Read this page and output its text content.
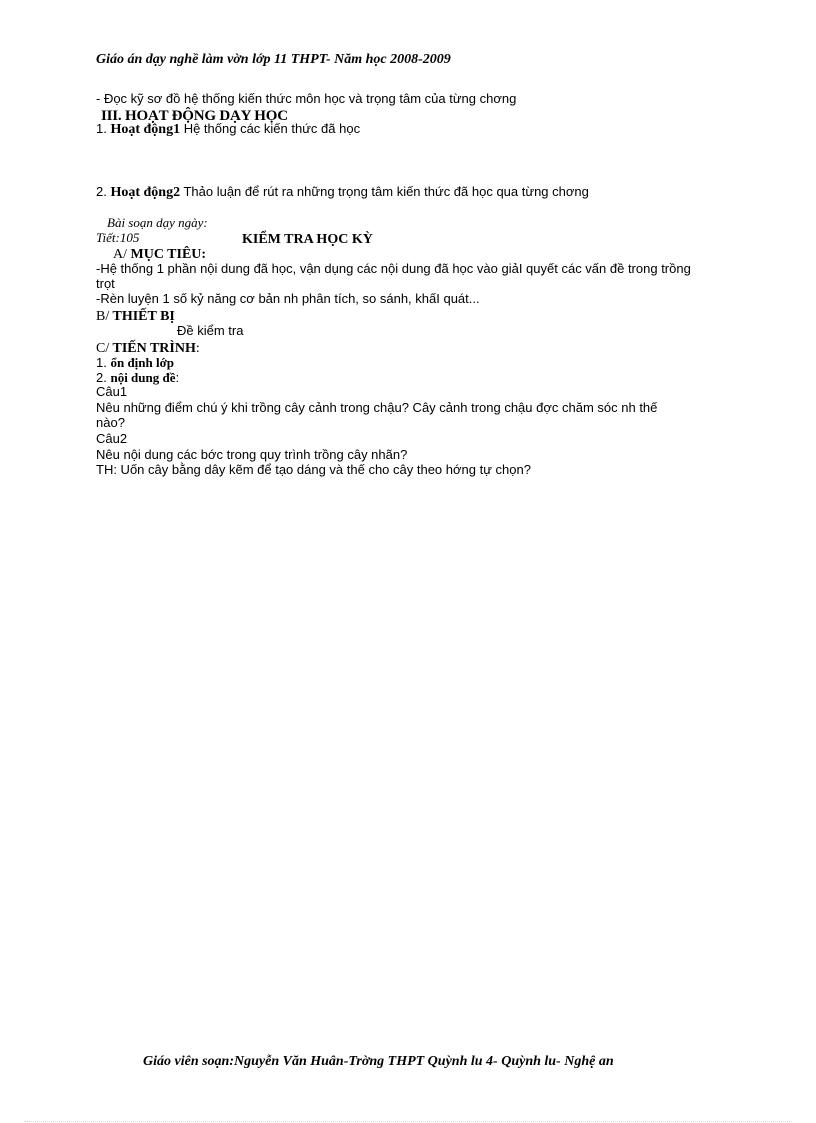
Giáo án dạy nghề làm vờn lớp 11 THPT- Năm học 2008-2009
- Đọc kỹ sơ đồ hệ thống kiến thức môn học và trọng tâm của từng chơng
III. HOẠT ĐỘNG DẠY HỌC
1. Hoạt động1 Hệ thống các kiến thức đã học
2. Hoạt động2 Thảo luận để rút ra những trọng tâm kiến thức đã học qua từng chơng
Bài soạn dạy ngày:
Tiết:105	KIỂM TRA HỌC KỲ
A/ MỤC TIÊU:
-Hệ thống 1 phần nội dung đã học, vận dụng các nội dung đã học vào giảI quyết các vấn đề trong trồng
trọt
-Rèn luyện 1 số kỷ năng cơ bản nh phân tích, so sánh, khấI quát...
B/ THIẾT BỊ
Đề kiểm tra
C/ TIẾN TRÌNH:
1. ổn định lớp
2. nội dung đề:
Câu1
Nêu những điểm chú ý khi trồng cây cảnh trong chậu? Cây cảnh trong chậu đợc chăm sóc nh thế
nào?
Câu2
Nêu nội dung các bớc trong quy trình trồng cây nhãn?
TH: Uốn cây bằng dây kẽm để tạo dáng và thế cho cây theo hớng tự chọn?
Giáo viên soạn:Nguyễn Văn Huân-Trờng THPT Quỳnh lu 4- Quỳnh lu- Nghệ an
